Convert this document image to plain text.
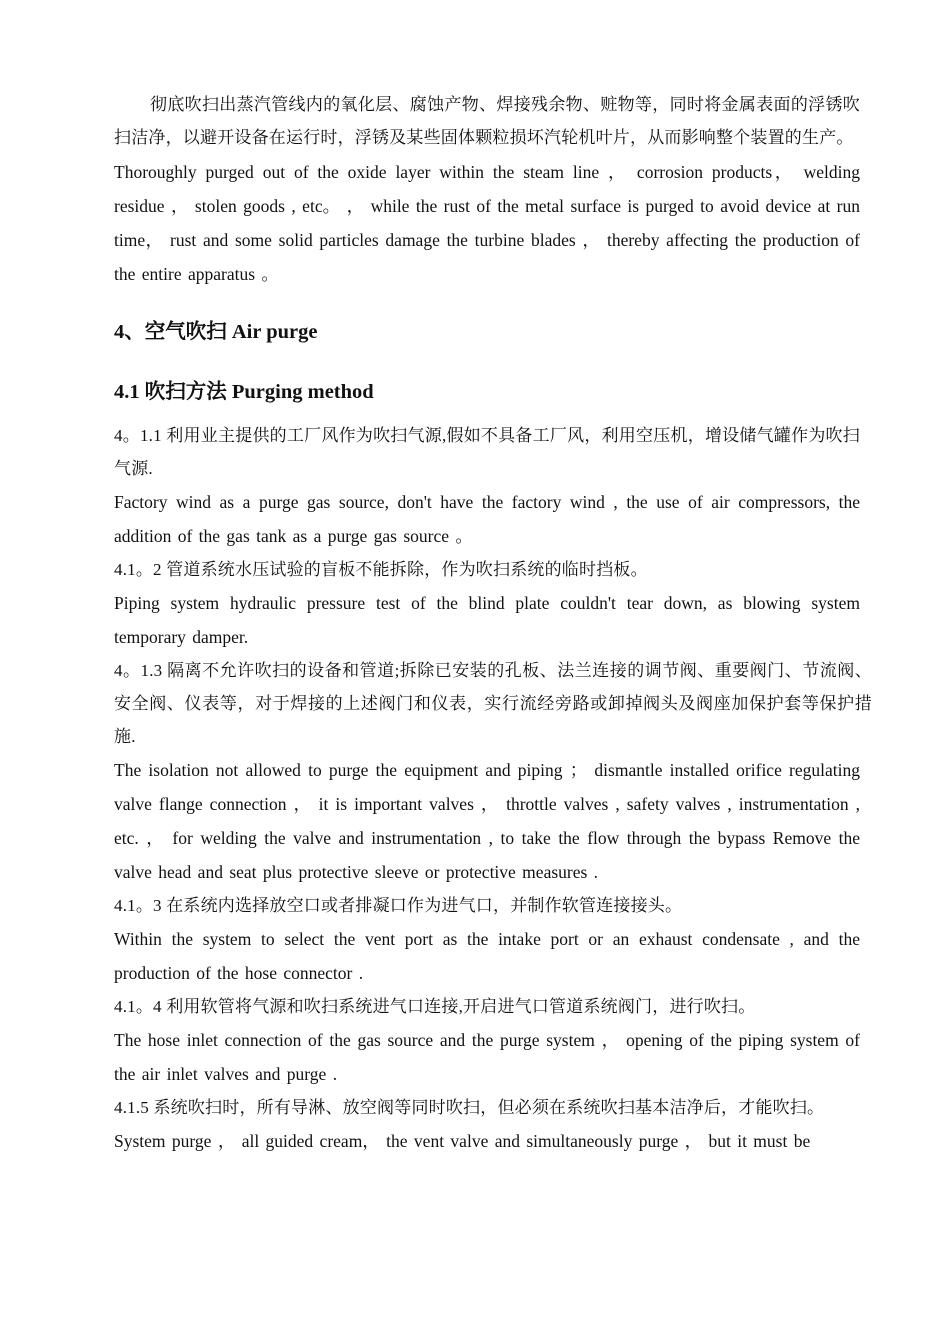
彻底吹扫出蒸汽管线内的氧化层、腐蚀产物、焊接残余物、赃物等，同时将金属表面的浮锈吹扫洁净，以避开设备在运行时，浮锈及某些固体颗粒损坏汽轮机叶片，从而影响整个装置的生产。

Thoroughly purged out of the oxide layer within the steam line ， corrosion products， welding residue ， stolen goods , etc。 ， while the rust of the metal surface is purged to avoid device at run time， rust and some solid particles damage the turbine blades ， thereby affecting the production of the entire apparatus 。

4、空气吹扫 Air purge
4.1 吹扫方法 Purging method

4。1.1 利用业主提供的工厂风作为吹扫气源,假如不具备工厂风，利用空压机，增设储气罐作为吹扫气源.

Factory wind as a purge gas source, don't have the factory wind , the use of air compressors, the addition of the gas tank as a purge gas source 。

4.1。2 管道系统水压试验的盲板不能拆除，作为吹扫系统的临时挡板。

Piping system hydraulic pressure test of the blind plate couldn't tear down, as blowing system temporary damper.

4。1.3 隔离不允许吹扫的设备和管道;拆除已安装的孔板、法兰连接的调节阀、重要阀门、节流阀、安全阀、仪表等，对于焊接的上述阀门和仪表，实行流经旁路或卸掉阀头及阀座加保护套等保护措施.

The isolation not allowed to purge the equipment and piping ； dismantle installed orifice regulating valve flange connection ， it is important valves ， throttle valves , safety valves , instrumentation , etc. ， for welding the valve and instrumentation , to take the flow through the bypass Remove the valve head and seat plus protective sleeve or protective measures .

4.1。3 在系统内选择放空口或者排凝口作为进气口，并制作软管连接接头。

Within the system to select the vent port as the intake port or an exhaust condensate , and the production of the hose connector .

4.1。4 利用软管将气源和吹扫系统进气口连接,开启进气口管道系统阀门，进行吹扫。

The hose inlet connection of the gas source and the purge system ， opening of the piping system of the air inlet valves and purge .

4.1.5 系统吹扫时，所有导淋、放空阀等同时吹扫，但必须在系统吹扫基本洁净后，才能吹扫。

System purge ， all guided cream， the vent valve and simultaneously purge ， but it must be
